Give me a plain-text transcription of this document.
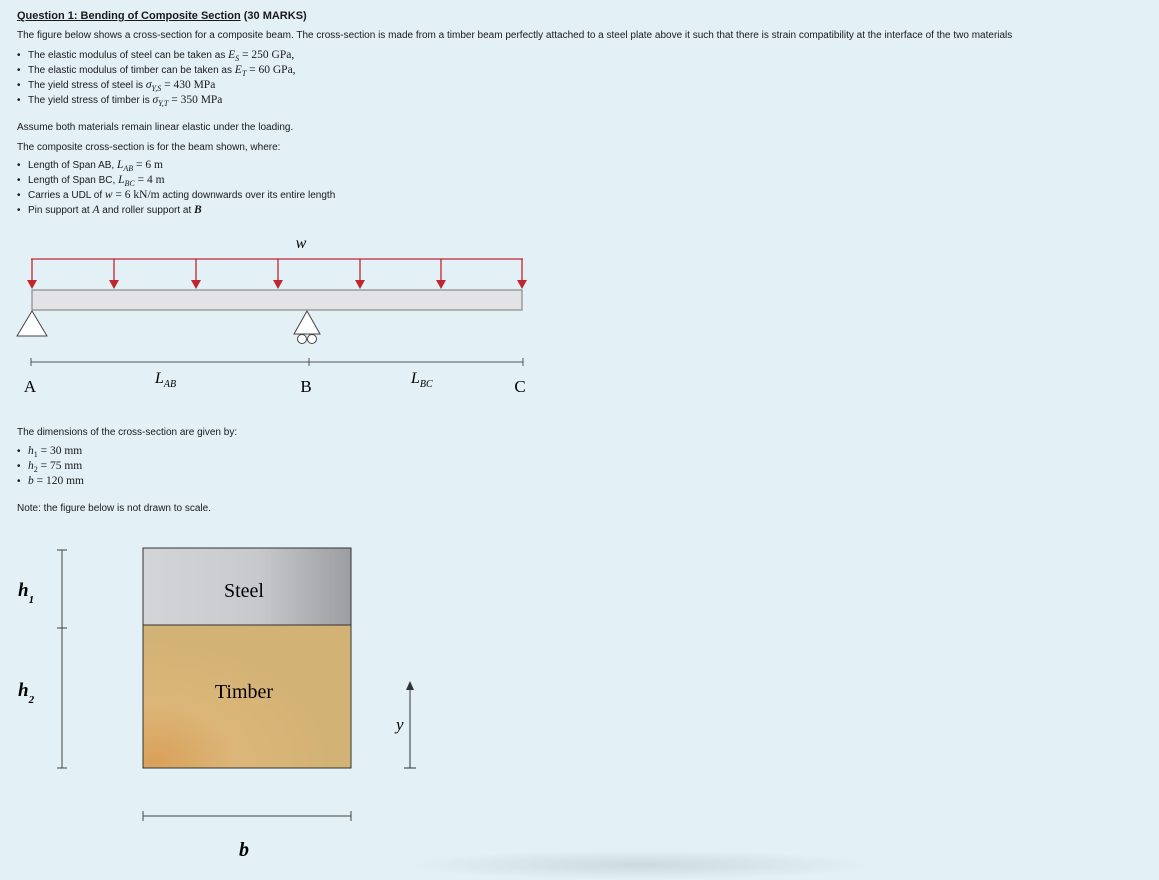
Question 1: Bending of Composite Section (30 MARKS)
The figure below shows a cross-section for a composite beam. The cross-section is made from a timber beam perfectly attached to a steel plate above it such that there is strain compatibility at the interface of the two materials
• The elastic modulus of steel can be taken as $E_S = 250$ GPa,
• The elastic modulus of timber can be taken as $E_T = 60$ GPa,
• The yield stress of steel is $\sigma_{Y,S} = 430$ MPa
• The yield stress of timber is $\sigma_{Y,T} = 350$ MPa
Assume both materials remain linear elastic under the loading.
The composite cross-section is for the beam shown, where:
• Length of Span AB, $L_{AB} = 6$ m
• Length of Span BC, $L_{BC} = 4$ m
• Carries a UDL of w = 6 kN/m acting downwards over its entire length
• Pin support at A and roller support at B
w
A	B	C
$L_{AB}$	$L_{BC}$
The dimensions of the cross-section are given by:
• $h_1 = 30$ mm
• $h_2 = 75$ mm
• b = 120 mm
Note: the figure below is not drawn to scale.
$h_1$
$h_2$
Steel
Timber
y
b
